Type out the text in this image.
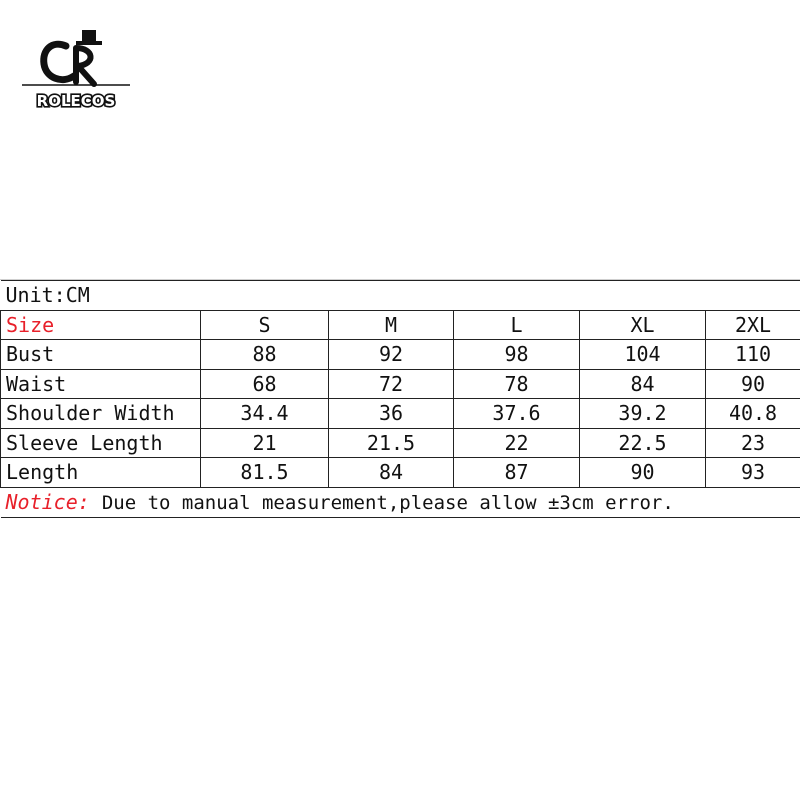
ROLECOS
Unit:CM					
Size	S	M	L	XL	2XL
Bust	88	92	98	104	110
Waist	68	72	78	84	90
Shoulder Width	34.4	36	37.6	39.2	40.8
Sleeve Length	21	21.5	22	22.5	23
Length	81.5	84	87	90	93
Notice: Due to manual measurement,please allow ±3cm error.					
